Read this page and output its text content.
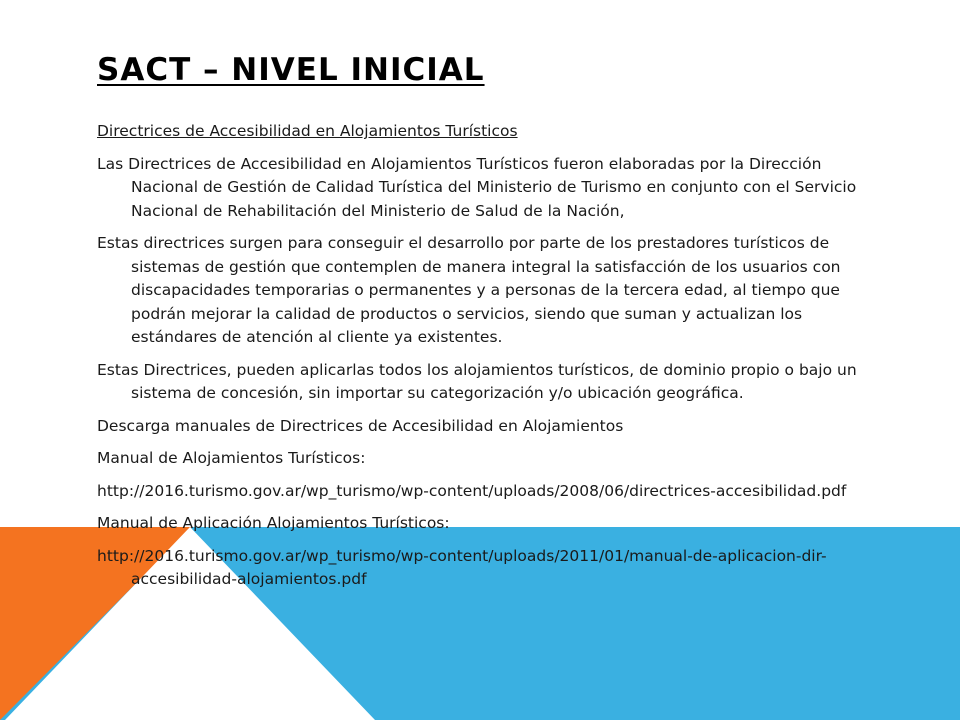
SACT – NIVEL INICIAL

Directrices de Accesibilidad en Alojamientos Turísticos

Las Directrices de Accesibilidad en Alojamientos Turísticos fueron elaboradas por la Dirección Nacional de Gestión de Calidad Turística del Ministerio de Turismo en conjunto con el Servicio Nacional de Rehabilitación del Ministerio de Salud de la Nación,

Estas directrices surgen para conseguir el desarrollo por parte de los prestadores turísticos de sistemas de gestión que contemplen de manera integral la satisfacción de los usuarios con discapacidades temporarias o permanentes y a personas de la tercera edad, al tiempo que podrán mejorar la calidad de productos o servicios, siendo que suman y actualizan los estándares de atención al cliente ya existentes.

Estas Directrices, pueden aplicarlas todos los alojamientos turísticos, de dominio propio o bajo un sistema de concesión, sin importar su categorización y/o ubicación geográfica.

Descarga manuales de Directrices de Accesibilidad en Alojamientos

Manual de Alojamientos Turísticos:

http://2016.turismo.gov.ar/wp_turismo/wp-content/uploads/2008/06/directrices-accesibilidad.pdf

Manual de Aplicación Alojamientos Turísticos:

http://2016.turismo.gov.ar/wp_turismo/wp-content/uploads/2011/01/manual-de-aplicacion-dir-accesibilidad-alojamientos.pdf
